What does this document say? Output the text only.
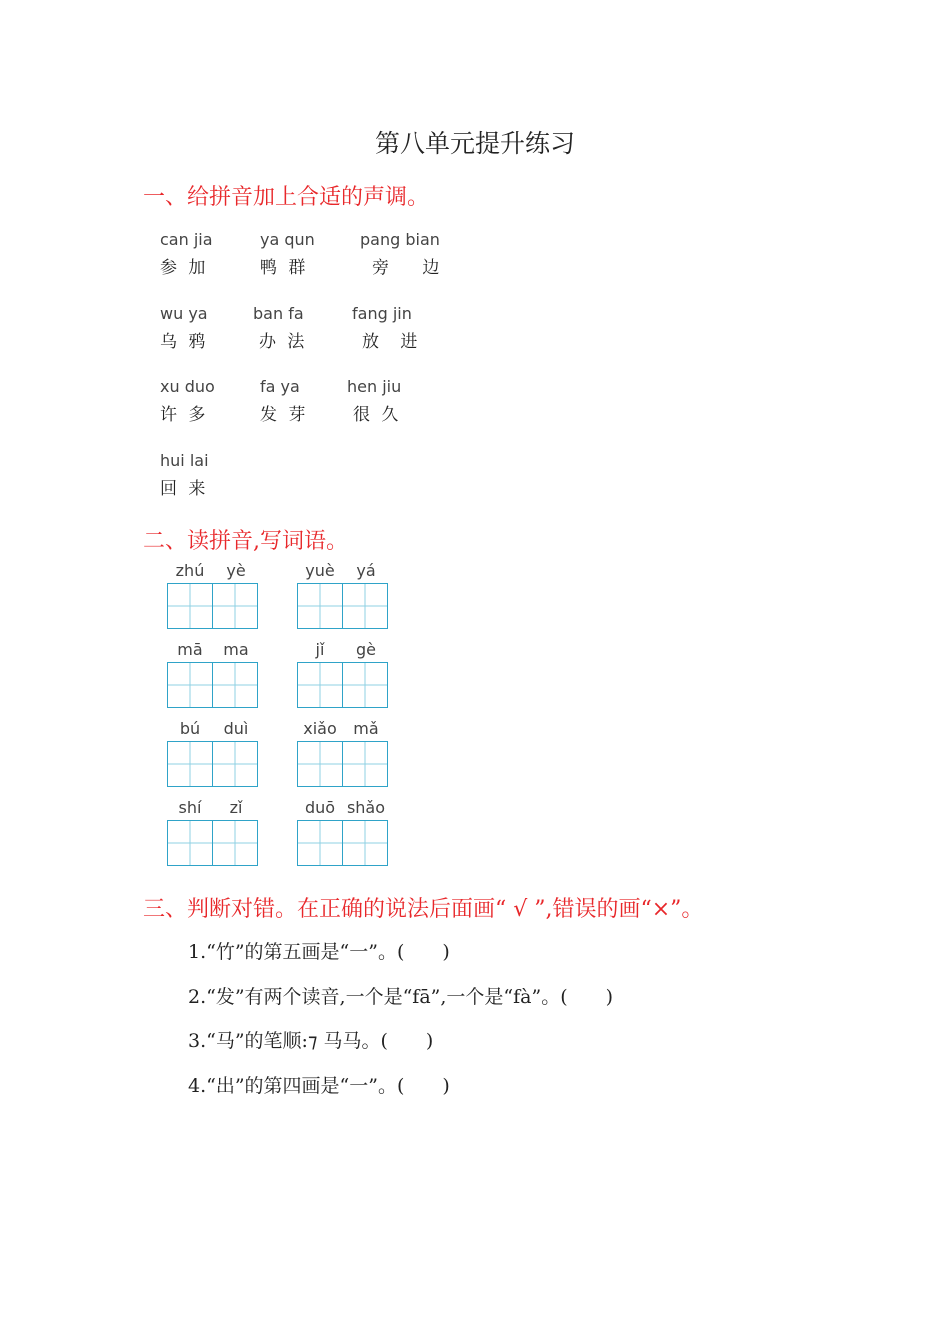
第八单元提升练习
一、给拼音加上合适的声调。
can jia
参 加
ya qun
鸭 群
pang bian
旁 边
wu ya
乌 鸦
ban fa
办 法
fang jin
放 进
xu duo
许 多
fa ya
发 芽
hen jiu
很 久
hui lai
回 来
二、读拼音,写词语。
zhú	yè	yuè	yá
mā	ma	jǐ	gè
bú	duì	xiǎo	mǎ
shí	zǐ	duō shǎo
三、判断对错。在正确的说法后面画“ √ ”,错误的画“×”。
1.“竹”的第五画是“一”。(　　)
2.“发”有两个读音,一个是“fā”,一个是“fà”。(　　)
3.“马”的笔顺:⁊ 马马。(　　)
4.“出”的第四画是“一”。(　　)
